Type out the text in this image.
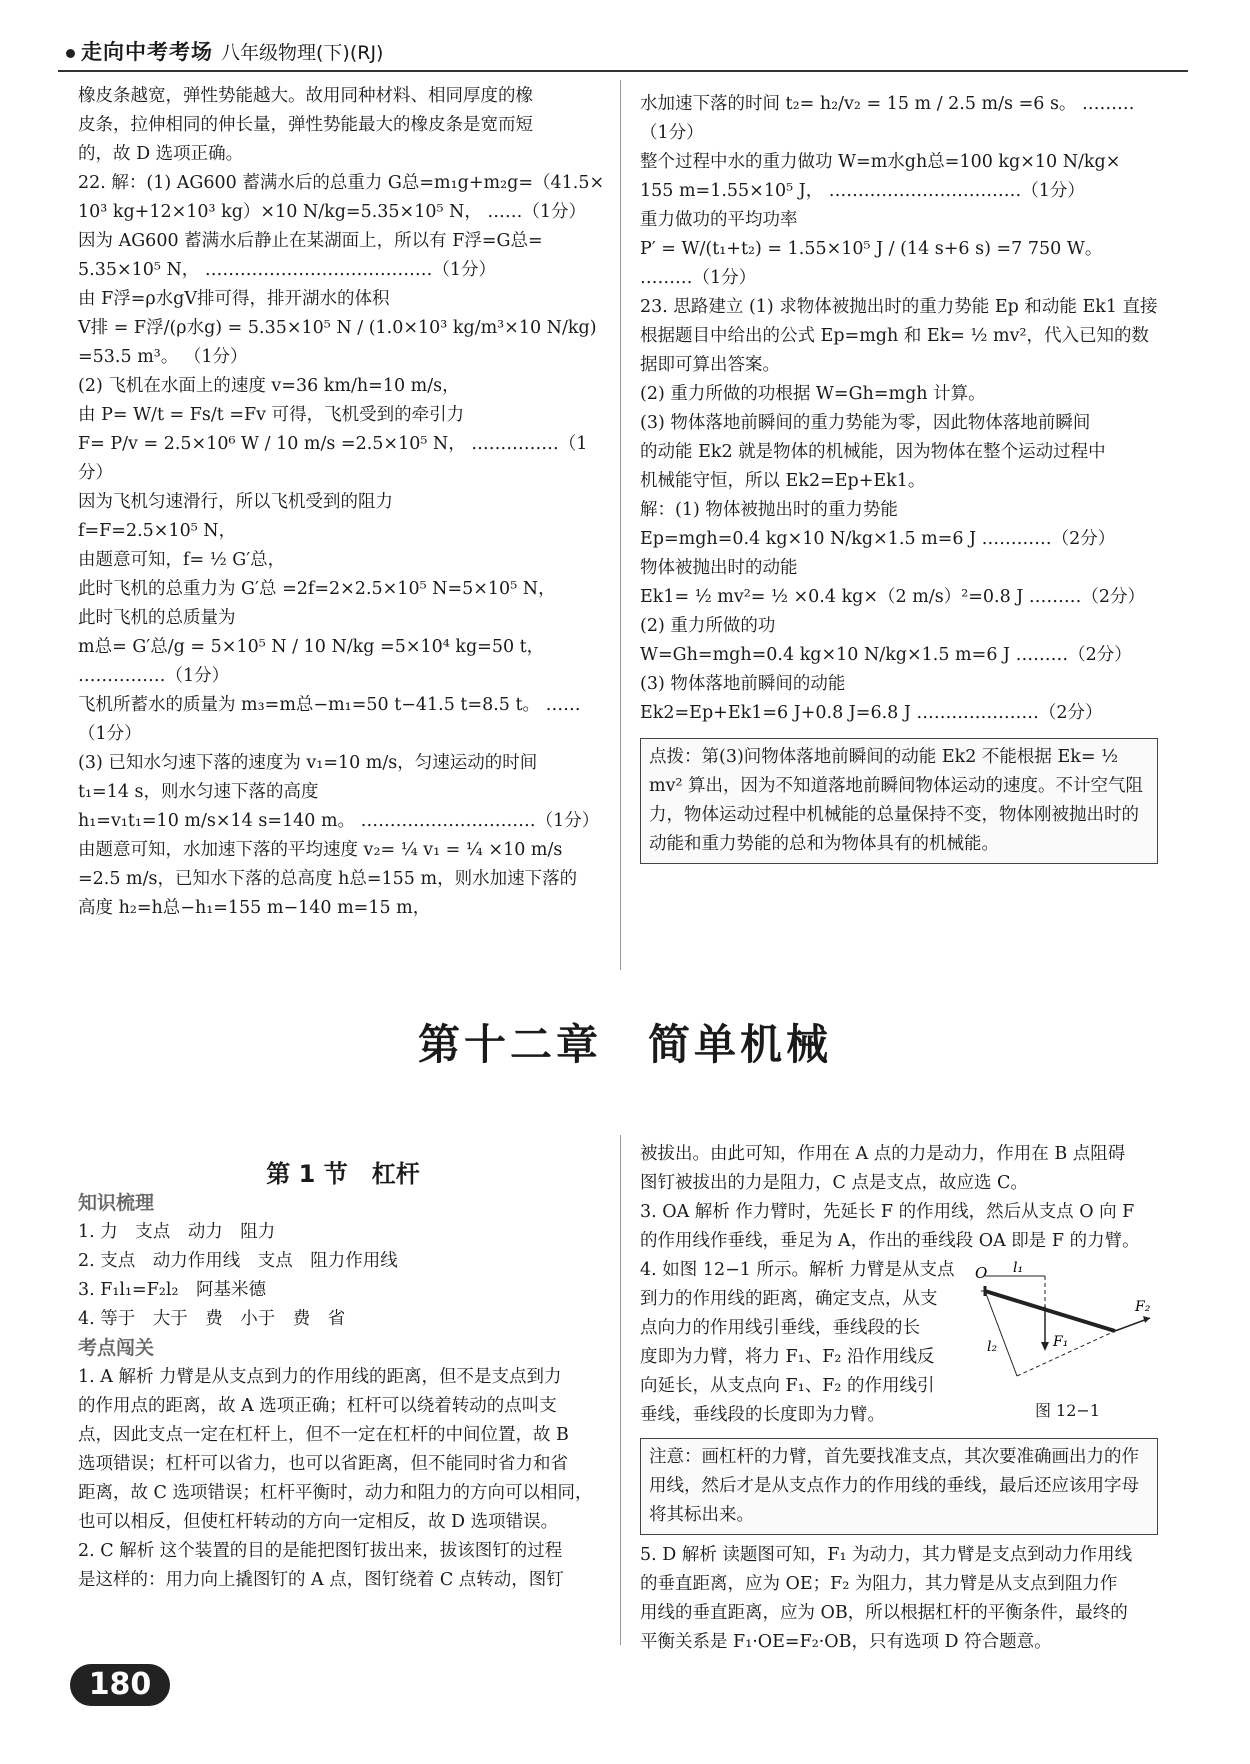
走向中考考场 八年级物理(下)(RJ)

橡皮条越宽，弹性势能越大。故用同种材料、相同厚度的橡

皮条，拉伸相同的伸长量，弹性势能最大的橡皮条是宽而短

的，故 D 选项正确。

22. 解：(1) AG600 蓄满水后的总重力 G总=m₁g+m₂g=（41.5×

10³ kg+12×10³ kg）×10 N/kg=5.35×10⁵ N， ……（1分）

因为 AG600 蓄满水后静止在某湖面上，所以有 F浮=G总=

5.35×10⁵ N， …………………………………（1分）

由 F浮=ρ水gV排可得，排开湖水的体积

V排 = F浮/(ρ水g) = 5.35×10⁵ N / (1.0×10³ kg/m³×10 N/kg) =53.5 m³。 （1分）

(2) 飞机在水面上的速度 v=36 km/h=10 m/s，

由 P= W/t = Fs/t =Fv 可得，飞机受到的牵引力

F= P/v = 2.5×10⁶ W / 10 m/s =2.5×10⁵ N， ……………（1分）

因为飞机匀速滑行，所以飞机受到的阻力

f=F=2.5×10⁵ N，

由题意可知，f= ½ G′总，

此时飞机的总重力为 G′总 =2f=2×2.5×10⁵ N=5×10⁵ N，

此时飞机的总质量为

m总= G′总/g = 5×10⁵ N / 10 N/kg =5×10⁴ kg=50 t， ……………（1分）

飞机所蓄水的质量为 m₃=m总−m₁=50 t−41.5 t=8.5 t。 ……（1分）

(3) 已知水匀速下落的速度为 v₁=10 m/s，匀速运动的时间

t₁=14 s，则水匀速下落的高度

h₁=v₁t₁=10 m/s×14 s=140 m。 …………………………（1分）

由题意可知，水加速下落的平均速度 v₂= ¼ v₁ = ¼ ×10 m/s

=2.5 m/s，已知水下落的总高度 h总=155 m，则水加速下落的

高度 h₂=h总−h₁=155 m−140 m=15 m，

水加速下落的时间 t₂= h₂/v₂ = 15 m / 2.5 m/s =6 s。 ………（1分）

整个过程中水的重力做功 W=m水gh总=100 kg×10 N/kg×

155 m=1.55×10⁵ J， ……………………………（1分）

重力做功的平均功率

P′ = W/(t₁+t₂) = 1.55×10⁵ J / (14 s+6 s) =7 750 W。 ………（1分）

23. 思路建立 (1) 求物体被抛出时的重力势能 Ep 和动能 Ek1 直接

根据题目中给出的公式 Ep=mgh 和 Ek= ½ mv²，代入已知的数

据即可算出答案。

(2) 重力所做的功根据 W=Gh=mgh 计算。

(3) 物体落地前瞬间的重力势能为零，因此物体落地前瞬间

的动能 Ek2 就是物体的机械能，因为物体在整个运动过程中

机械能守恒，所以 Ek2=Ep+Ek1。

解：(1) 物体被抛出时的重力势能

Ep=mgh=0.4 kg×10 N/kg×1.5 m=6 J …………（2分）

物体被抛出时的动能

Ek1= ½ mv²= ½ ×0.4 kg×（2 m/s）²=0.8 J ………（2分）

(2) 重力所做的功

W=Gh=mgh=0.4 kg×10 N/kg×1.5 m=6 J ………（2分）

(3) 物体落地前瞬间的动能

Ek2=Ep+Ek1=6 J+0.8 J=6.8 J …………………（2分）

点拨：第(3)问物体落地前瞬间的动能 Ek2 不能根据 Ek= ½ mv² 算出，因为不知道落地前瞬间物体运动的速度。不计空气阻力，物体运动过程中机械能的总量保持不变，物体刚被抛出时的动能和重力势能的总和为物体具有的机械能。
第十二章　简单机械

第 1 节　杠杆

知识梳理

1. 力　支点　动力　阻力

2. 支点　动力作用线　支点　阻力作用线

3. F₁l₁=F₂l₂　阿基米德

4. 等于　大于　费　小于　费　省

考点闯关

1. A 解析 力臂是从支点到力的作用线的距离，但不是支点到力

的作用点的距离，故 A 选项正确；杠杆可以绕着转动的点叫支

点，因此支点一定在杠杆上，但不一定在杠杆的中间位置，故 B

选项错误；杠杆可以省力，也可以省距离，但不能同时省力和省

距离，故 C 选项错误；杠杆平衡时，动力和阻力的方向可以相同，

也可以相反，但使杠杆转动的方向一定相反，故 D 选项错误。

2. C 解析 这个装置的目的是能把图钉拔出来，拔该图钉的过程

是这样的：用力向上撬图钉的 A 点，图钉绕着 C 点转动，图钉

被拔出。由此可知，作用在 A 点的力是动力，作用在 B 点阻碍

图钉被拔出的力是阻力，C 点是支点，故应选 C。

3. OA 解析 作力臂时，先延长 F 的作用线，然后从支点 O 向 F

的作用线作垂线，垂足为 A，作出的垂线段 OA 即是 F 的力臂。

4. 如图 12−1 所示。解析 力臂是从支点

到力的作用线的距离，确定支点，从支

点向力的作用线引垂线，垂线段的长

度即为力臂，将力 F₁、F₂ 沿作用线反

向延长，从支点向 F₁、F₂ 的作用线引

垂线，垂线段的长度即为力臂。

O l₁
F₁
F₂
l₂
图 12−1
注意：画杠杆的力臂，首先要找准支点，其次要准确画出力的作用线，然后才是从支点作力的作用线的垂线，最后还应该用字母将其标出来。

5. D 解析 读题图可知，F₁ 为动力，其力臂是支点到动力作用线

的垂直距离，应为 OE；F₂ 为阻力，其力臂是从支点到阻力作

用线的垂直距离，应为 OB，所以根据杠杆的平衡条件，最终的

平衡关系是 F₁·OE=F₂·OB，只有选项 D 符合题意。

180
